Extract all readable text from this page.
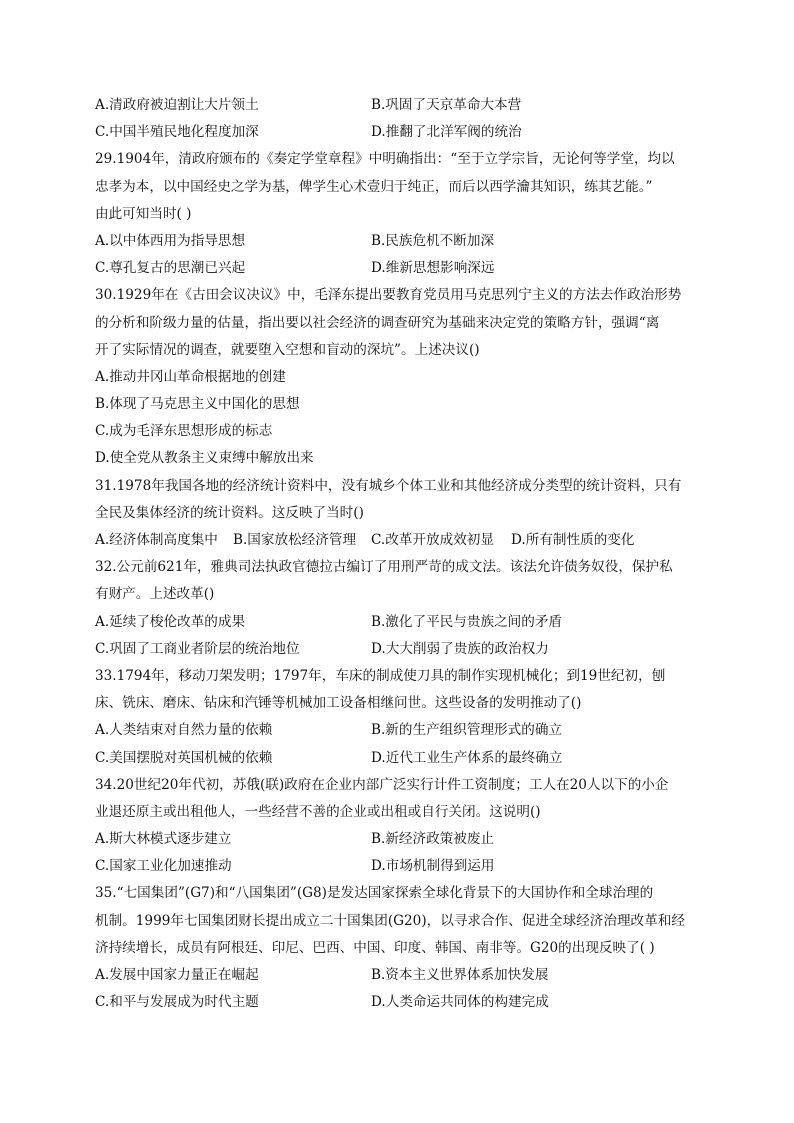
A.清政府被迫割让大片领土	B.巩固了天京革命大本营
C.中国半殖民地化程度加深	D.推翻了北洋军阀的统治
29.1904年，清政府颁布的《奏定学堂章程》中明确指出：“至于立学宗旨，无论何等学堂，均以
忠孝为本，以中国经史之学为基，俾学生心术壹归于纯正，而后以西学瀹其知识，练其艺能。”
由此可知当时( )
A.以中体西用为指导思想	B.民族危机不断加深
C.尊孔复古的思潮已兴起	D.维新思想影响深远
30.1929年在《古田会议决议》中，毛泽东提出要教育党员用马克思列宁主义的方法去作政治形势
的分析和阶级力量的估量，指出要以社会经济的调查研究为基础来决定党的策略方针，强调“离
开了实际情况的调查，就要堕入空想和盲动的深坑”。上述决议()
A.推动井冈山革命根据地的创建
B.体现了马克思主义中国化的思想
C.成为毛泽东思想形成的标志
D.使全党从教条主义束缚中解放出来
31.1978年我国各地的经济统计资料中，没有城乡个体工业和其他经济成分类型的统计资料，只有
全民及集体经济的统计资料。这反映了当时()
A.经济体制高度集中	B.国家放松经济管理	C.改革开放成效初显	D.所有制性质的变化
32.公元前621年，雅典司法执政官德拉古编订了用刑严苛的成文法。该法允许债务奴役，保护私
有财产。上述改革()
A.延续了梭伦改革的成果	B.激化了平民与贵族之间的矛盾
C.巩固了工商业者阶层的统治地位	D.大大削弱了贵族的政治权力
33.1794年，移动刀架发明；1797年，车床的制成使刀具的制作实现机械化；到19世纪初，刨
床、铣床、磨床、钻床和汽锤等机械加工设备相继问世。这些设备的发明推动了()
A.人类结束对自然力量的依赖	B.新的生产组织管理形式的确立
C.美国摆脱对英国机械的依赖	D.近代工业生产体系的最终确立
34.20世纪20年代初，苏俄(联)政府在企业内部广泛实行计件工资制度；工人在20人以下的小企
业退还原主或出租他人，一些经营不善的企业或出租或自行关闭。这说明()
A.斯大林模式逐步建立	B.新经济政策被废止
C.国家工业化加速推动	D.市场机制得到运用
35.“七国集团”(G7)和“八国集团”(G8)是发达国家探索全球化背景下的大国协作和全球治理的
机制。1999年七国集团财长提出成立二十国集团(G20)，以寻求合作、促进全球经济治理改革和经
济持续增长，成员有阿根廷、印尼、巴西、中国、印度、韩国、南非等。G20的出现反映了( )
A.发展中国家力量正在崛起	B.资本主义世界体系加快发展
C.和平与发展成为时代主题	D.人类命运共同体的构建完成
